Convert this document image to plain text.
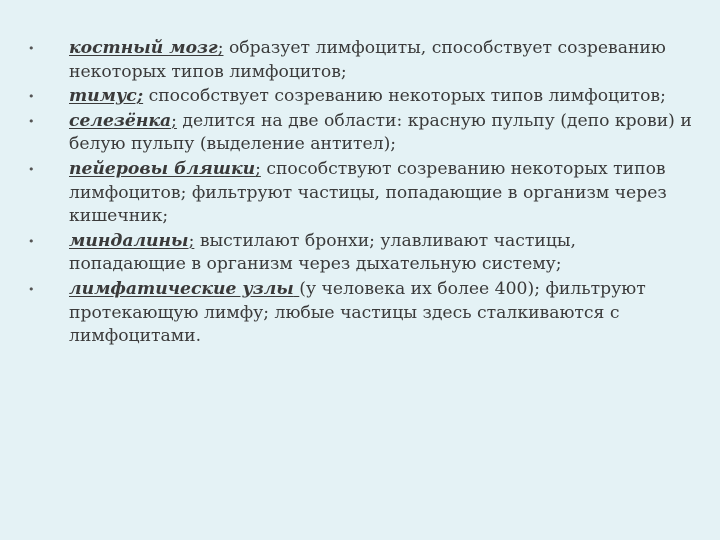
•	костный мозг; образует лимфоциты, способствует созреванию некоторых типов лимфоцитов;
•	тимус; способствует созреванию некоторых типов лимфоцитов;
•	селезёнка; делится на две области: красную пульпу (депо крови) и белую пульпу (выделение антител);
•	пейеровы бляшки; способствуют созреванию некоторых типов лимфоцитов; фильтруют частицы, попадающие в организм через кишечник;
•	миндалины; выстилают бронхи; улавливают частицы, попадающие в организм через дыхательную систему;
•	лимфатические узлы (у человека их более 400); фильтруют протекающую лимфу; любые частицы здесь сталкиваются с лимфоцитами.
